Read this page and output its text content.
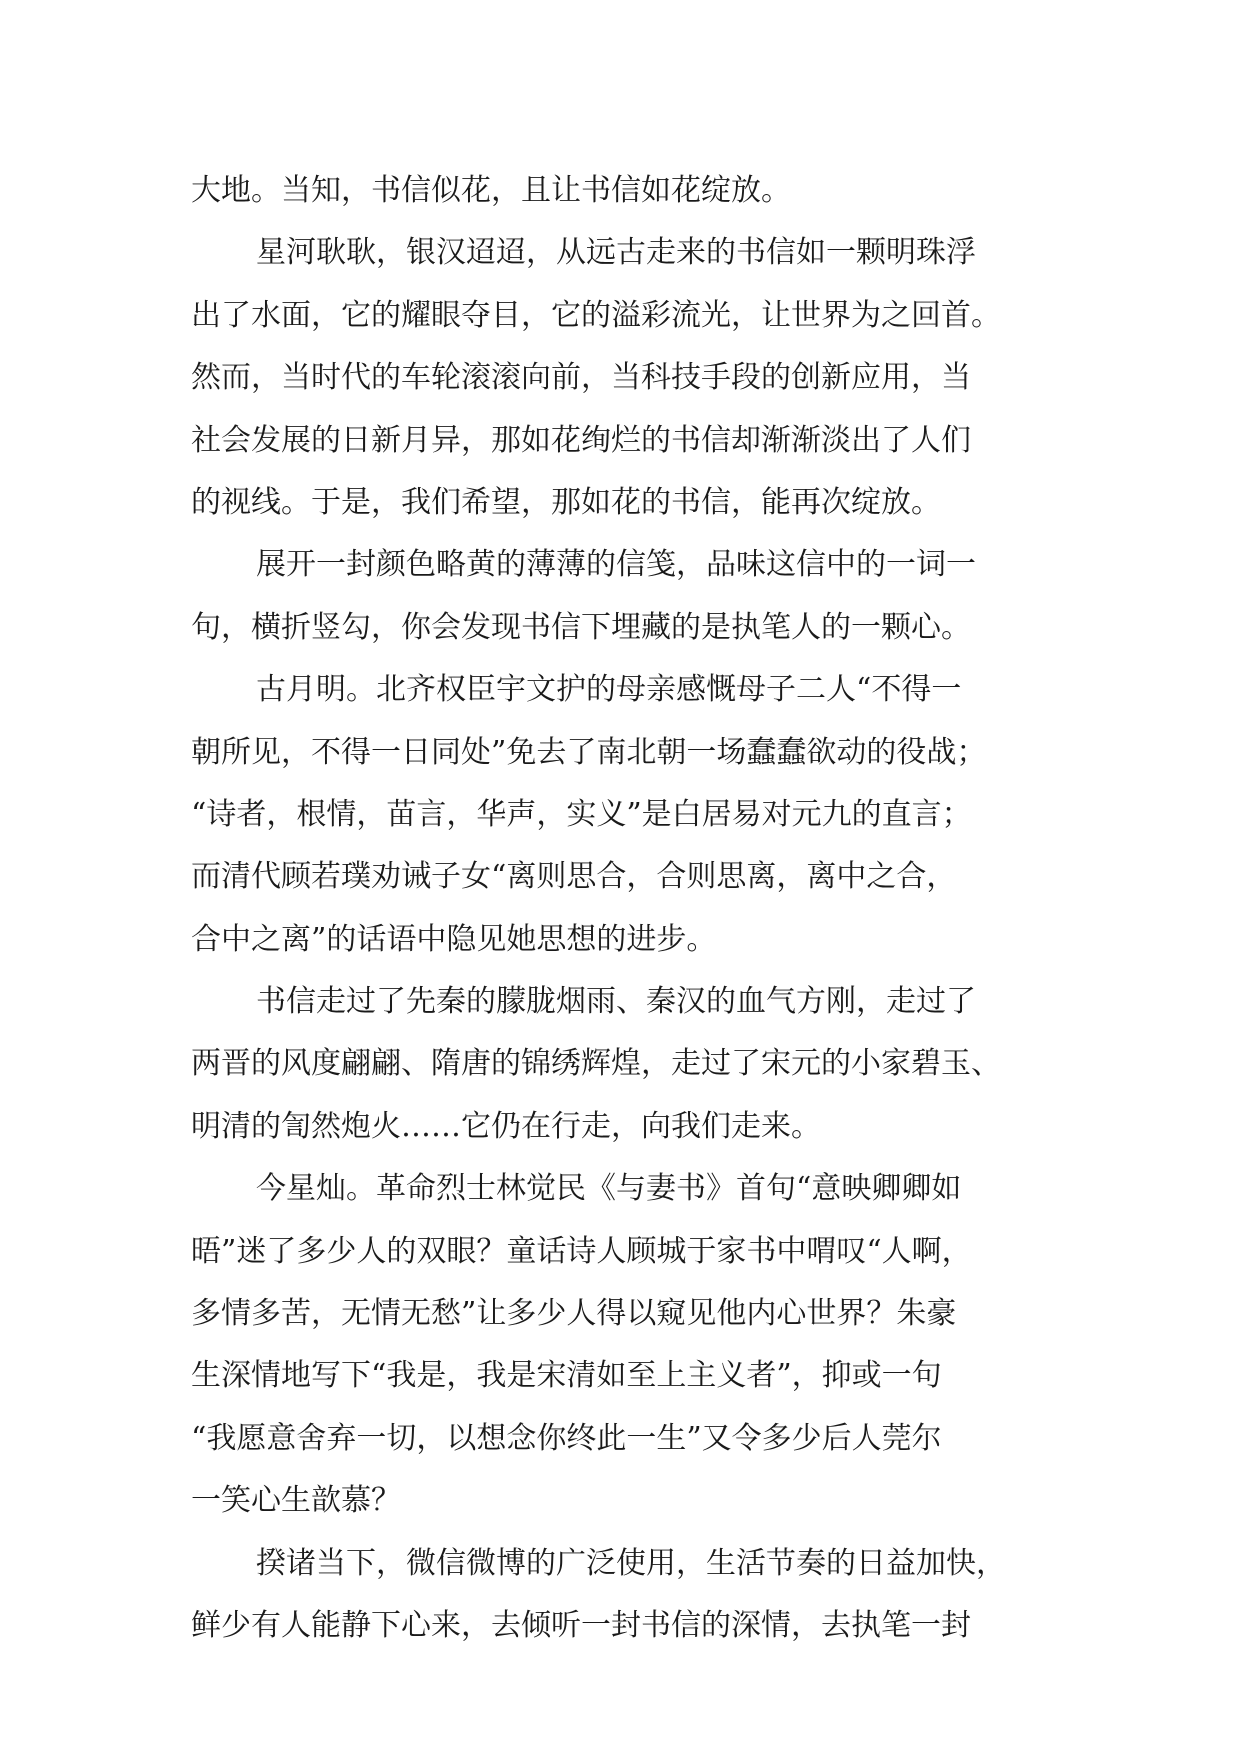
大地。当知，书信似花，且让书信如花绽放。

星河耿耿，银汉迢迢，从远古走来的书信如一颗明珠浮

出了水面，它的耀眼夺目，它的溢彩流光，让世界为之回首。

然而，当时代的车轮滚滚向前，当科技手段的创新应用，当

社会发展的日新月异，那如花绚烂的书信却渐渐淡出了人们

的视线。于是，我们希望，那如花的书信，能再次绽放。

展开一封颜色略黄的薄薄的信笺，品味这信中的一词一

句，横折竖勾，你会发现书信下埋藏的是执笔人的一颗心。

古月明。北齐权臣宇文护的母亲感慨母子二人“不得一

朝所见，不得一日同处”免去了南北朝一场蠢蠢欲动的役战；

“诗者，根情，苗言，华声，实义”是白居易对元九的直言；

而清代顾若璞劝诫子女“离则思合，合则思离，离中之合，

合中之离”的话语中隐见她思想的进步。

书信走过了先秦的朦胧烟雨、秦汉的血气方刚，走过了

两晋的风度翩翩、隋唐的锦绣辉煌，走过了宋元的小家碧玉、

明清的訇然炮火……它仍在行走，向我们走来。

今星灿。革命烈士林觉民《与妻书》首句“意映卿卿如

晤”迷了多少人的双眼？童话诗人顾城于家书中喟叹“人啊，

多情多苦，无情无愁”让多少人得以窥见他内心世界？朱豪

生深情地写下“我是，我是宋清如至上主义者”，抑或一句

“我愿意舍弃一切，以想念你终此一生”又令多少后人莞尔

一笑心生歆慕？

揆诸当下，微信微博的广泛使用，生活节奏的日益加快，

鲜少有人能静下心来，去倾听一封书信的深情，去执笔一封
